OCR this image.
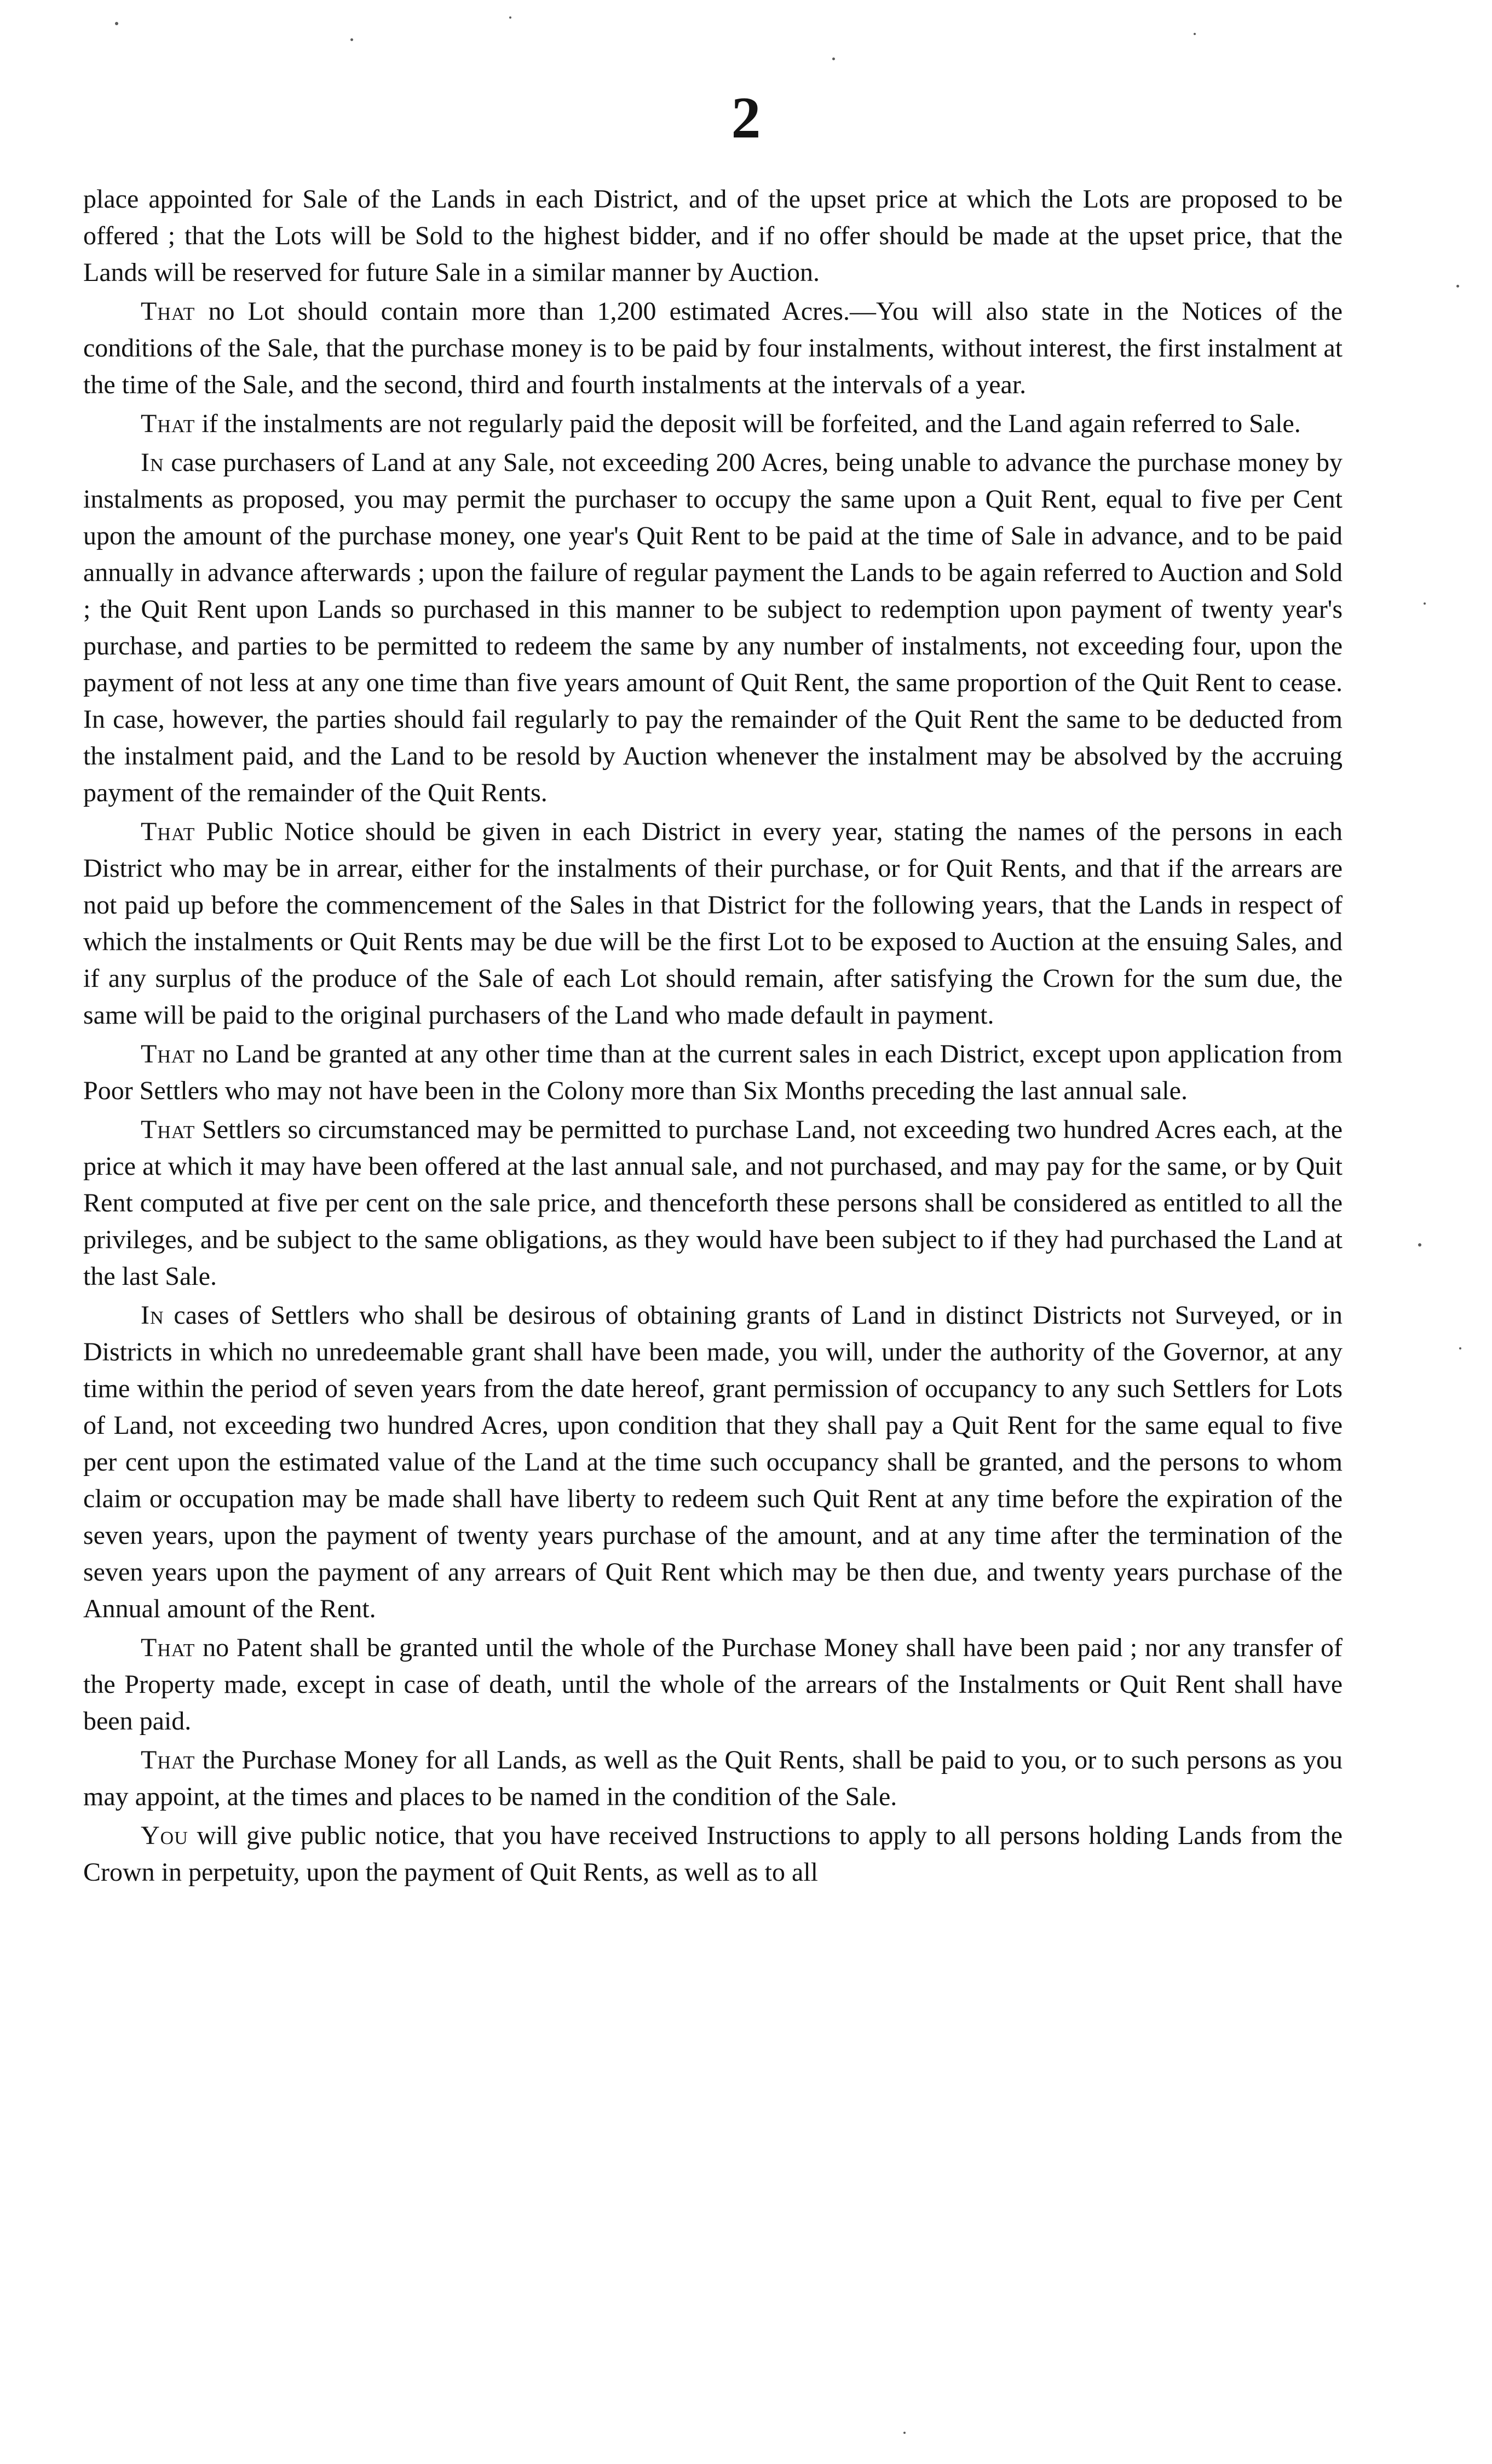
2

place appointed for Sale of the Lands in each District, and of the upset price at which the Lots are proposed to be offered ; that the Lots will be Sold to the highest bidder, and if no offer should be made at the upset price, that the Lands will be reserved for future Sale in a similar manner by Auction.

That no Lot should contain more than 1,200 estimated Acres.—You will also state in the Notices of the conditions of the Sale, that the purchase money is to be paid by four instalments, without interest, the first instalment at the time of the Sale, and the second, third and fourth instalments at the intervals of a year.

That if the instalments are not regularly paid the deposit will be forfeited, and the Land again referred to Sale.

In case purchasers of Land at any Sale, not exceeding 200 Acres, being unable to advance the purchase money by instalments as proposed, you may permit the purchaser to occupy the same upon a Quit Rent, equal to five per Cent upon the amount of the purchase money, one year's Quit Rent to be paid at the time of Sale in advance, and to be paid annually in advance afterwards ; upon the failure of regular payment the Lands to be again referred to Auction and Sold ; the Quit Rent upon Lands so purchased in this manner to be subject to redemption upon payment of twenty year's purchase, and parties to be permitted to redeem the same by any number of instalments, not exceeding four, upon the payment of not less at any one time than five years amount of Quit Rent, the same proportion of the Quit Rent to cease. In case, however, the parties should fail regularly to pay the remainder of the Quit Rent the same to be deducted from the instalment paid, and the Land to be resold by Auction whenever the instalment may be absolved by the accruing payment of the remainder of the Quit Rents.

That Public Notice should be given in each District in every year, stating the names of the persons in each District who may be in arrear, either for the instalments of their purchase, or for Quit Rents, and that if the arrears are not paid up before the commencement of the Sales in that District for the following years, that the Lands in respect of which the instalments or Quit Rents may be due will be the first Lot to be exposed to Auction at the ensuing Sales, and if any surplus of the produce of the Sale of each Lot should remain, after satisfying the Crown for the sum due, the same will be paid to the original purchasers of the Land who made default in payment.

That no Land be granted at any other time than at the current sales in each District, except upon application from Poor Settlers who may not have been in the Colony more than Six Months preceding the last annual sale.

That Settlers so circumstanced may be permitted to purchase Land, not exceeding two hundred Acres each, at the price at which it may have been offered at the last annual sale, and not purchased, and may pay for the same, or by Quit Rent computed at five per cent on the sale price, and thenceforth these persons shall be considered as entitled to all the privileges, and be subject to the same obligations, as they would have been subject to if they had purchased the Land at the last Sale.

In cases of Settlers who shall be desirous of obtaining grants of Land in distinct Districts not Surveyed, or in Districts in which no unredeemable grant shall have been made, you will, under the authority of the Governor, at any time within the period of seven years from the date hereof, grant permission of occupancy to any such Settlers for Lots of Land, not exceeding two hundred Acres, upon condition that they shall pay a Quit Rent for the same equal to five per cent upon the estimated value of the Land at the time such occupancy shall be granted, and the persons to whom claim or occupation may be made shall have liberty to redeem such Quit Rent at any time before the expiration of the seven years, upon the payment of twenty years purchase of the amount, and at any time after the termination of the seven years upon the payment of any arrears of Quit Rent which may be then due, and twenty years purchase of the Annual amount of the Rent.

That no Patent shall be granted until the whole of the Purchase Money shall have been paid ; nor any transfer of the Property made, except in case of death, until the whole of the arrears of the Instalments or Quit Rent shall have been paid.

That the Purchase Money for all Lands, as well as the Quit Rents, shall be paid to you, or to such persons as you may appoint, at the times and places to be named in the condition of the Sale.

You will give public notice, that you have received Instructions to apply to all persons holding Lands from the Crown in perpetuity, upon the payment of Quit Rents, as well as to all
